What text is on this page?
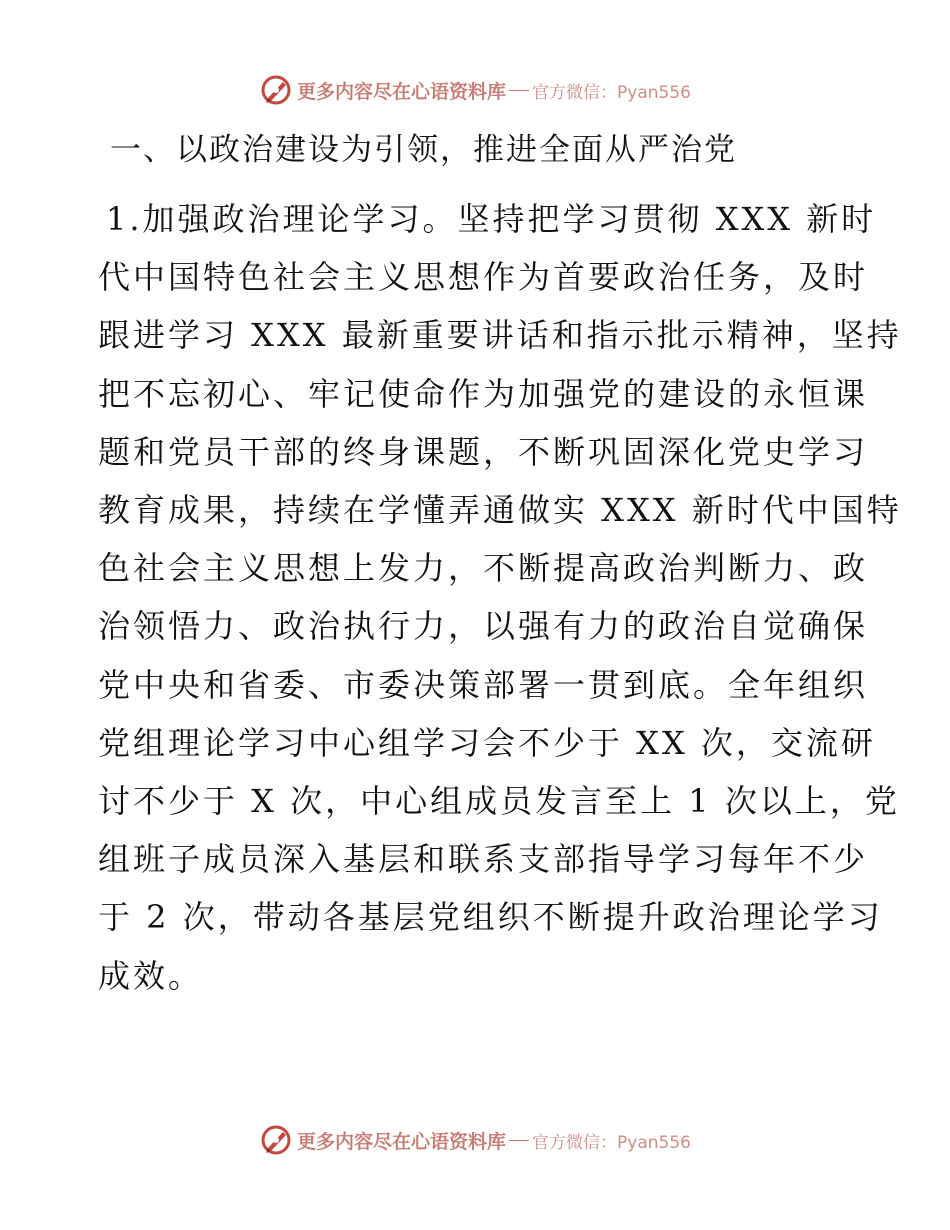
更多内容尽在心语资料库 官方微信：Pyan556
一、以政治建设为引领，推进全面从严治党
1.加强政治理论学习。坚持把学习贯彻 XXX 新时
代中国特色社会主义思想作为首要政治任务，及时
跟进学习 XXX 最新重要讲话和指示批示精神，坚持
把不忘初心、牢记使命作为加强党的建设的永恒课
题和党员干部的终身课题，不断巩固深化党史学习
教育成果，持续在学懂弄通做实 XXX 新时代中国特
色社会主义思想上发力，不断提高政治判断力、政
治领悟力、政治执行力，以强有力的政治自觉确保
党中央和省委、市委决策部署一贯到底。全年组织
党组理论学习中心组学习会不少于 XX 次，交流研
讨不少于 X 次，中心组成员发言至上 1 次以上，党
组班子成员深入基层和联系支部指导学习每年不少
于 2 次，带动各基层党组织不断提升政治理论学习
成效。
更多内容尽在心语资料库 官方微信：Pyan556
